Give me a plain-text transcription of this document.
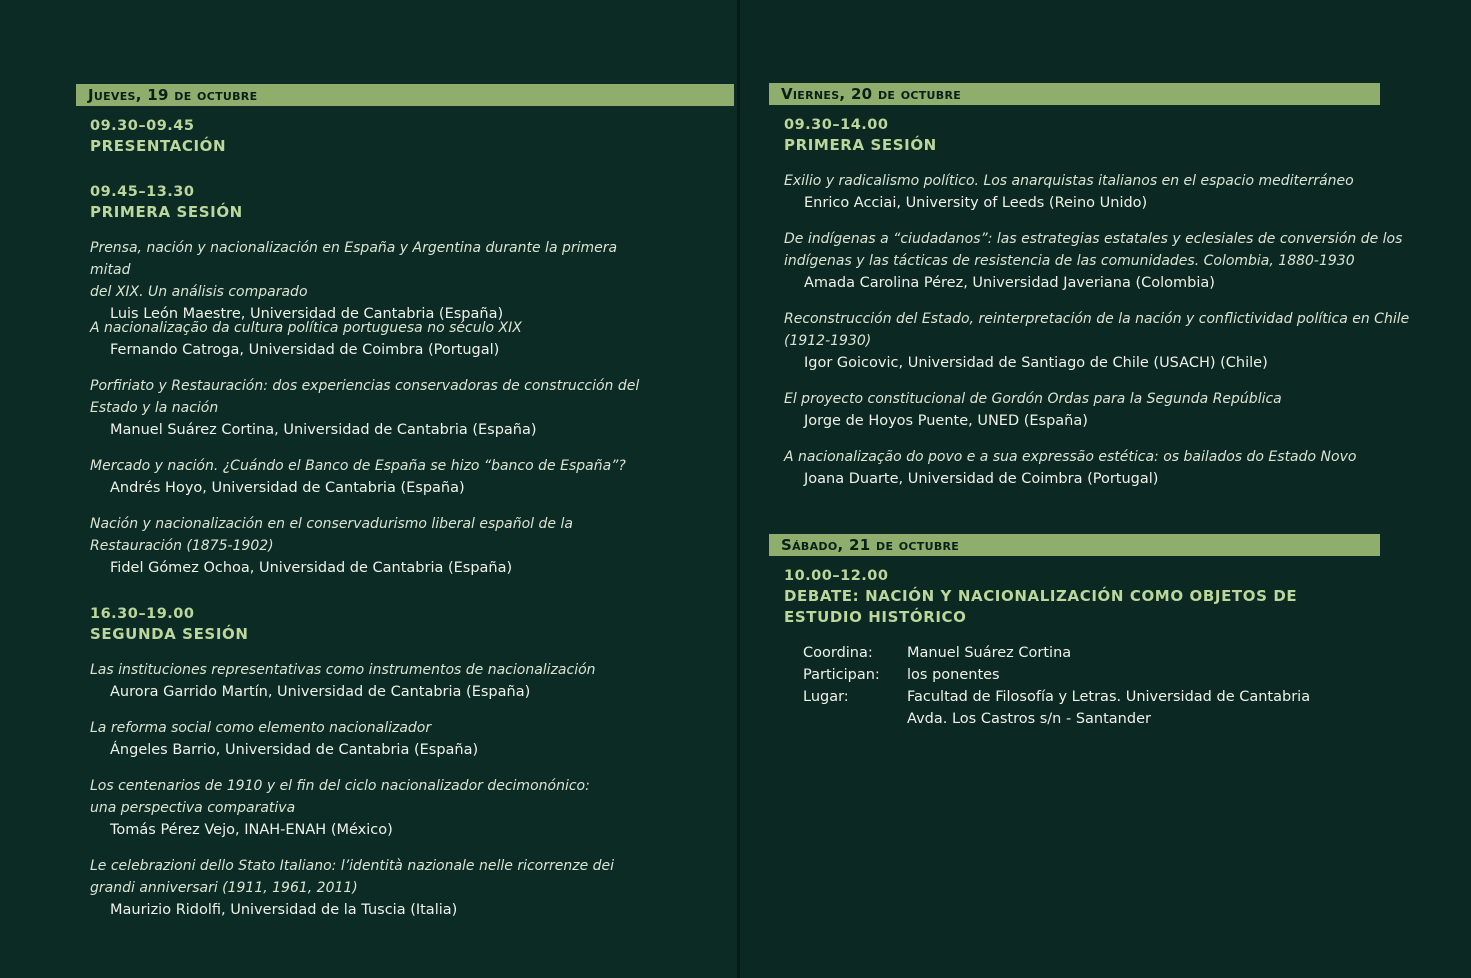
Jueves, 19 de octubre
09.30–09.45
PRESENTACIÓN
09.45–13.30
PRIMERA SESIÓN
Prensa, nación y nacionalización en España y Argentina durante la primera mitad
del XIX. Un análisis comparado
Luis León Maestre, Universidad de Cantabria (España)
A nacionalização da cultura política portuguesa no século XIX
Fernando Catroga, Universidad de Coimbra (Portugal)
Porfiriato y Restauración: dos experiencias conservadoras de construcción del
Estado y la nación
Manuel Suárez Cortina, Universidad de Cantabria (España)
Mercado y nación. ¿Cuándo el Banco de España se hizo “banco de España”?
Andrés Hoyo, Universidad de Cantabria (España)
Nación y nacionalización en el conservadurismo liberal español de la
Restauración (1875-1902)
Fidel Gómez Ochoa, Universidad de Cantabria (España)
16.30–19.00
SEGUNDA SESIÓN
Las instituciones representativas como instrumentos de nacionalización
Aurora Garrido Martín, Universidad de Cantabria (España)
La reforma social como elemento nacionalizador
Ángeles Barrio, Universidad de Cantabria (España)
Los centenarios de 1910 y el fin del ciclo nacionalizador decimonónico:
una perspectiva comparativa
Tomás Pérez Vejo, INAH-ENAH (México)
Le celebrazioni dello Stato Italiano: l’identità nazionale nelle ricorrenze dei
grandi anniversari (1911, 1961, 2011)
Maurizio Ridolfi, Universidad de la Tuscia (Italia)
Viernes, 20 de octubre
09.30–14.00
PRIMERA SESIÓN
Exilio y radicalismo político. Los anarquistas italianos en el espacio mediterráneo
Enrico Acciai, University of Leeds (Reino Unido)
De indígenas a “ciudadanos”: las estrategias estatales y eclesiales de conversión de los
indígenas y las tácticas de resistencia de las comunidades. Colombia, 1880-1930
Amada Carolina Pérez, Universidad Javeriana (Colombia)
Reconstrucción del Estado, reinterpretación de la nación y conflictividad política en Chile
(1912-1930)
Igor Goicovic, Universidad de Santiago de Chile (USACH) (Chile)
El proyecto constitucional de Gordón Ordas para la Segunda República
Jorge de Hoyos Puente, UNED (España)
A nacionalização do povo e a sua expressão estética: os bailados do Estado Novo
Joana Duarte, Universidad de Coimbra (Portugal)
Sábado, 21 de octubre
10.00–12.00
DEBATE: NACIÓN Y NACIONALIZACIÓN COMO OBJETOS DE
ESTUDIO HISTÓRICO
Coordina:	Manuel Suárez Cortina
Participan:	los ponentes
Lugar:	Facultad de Filosofía y Letras. Universidad de Cantabria
Avda. Los Castros s/n - Santander
